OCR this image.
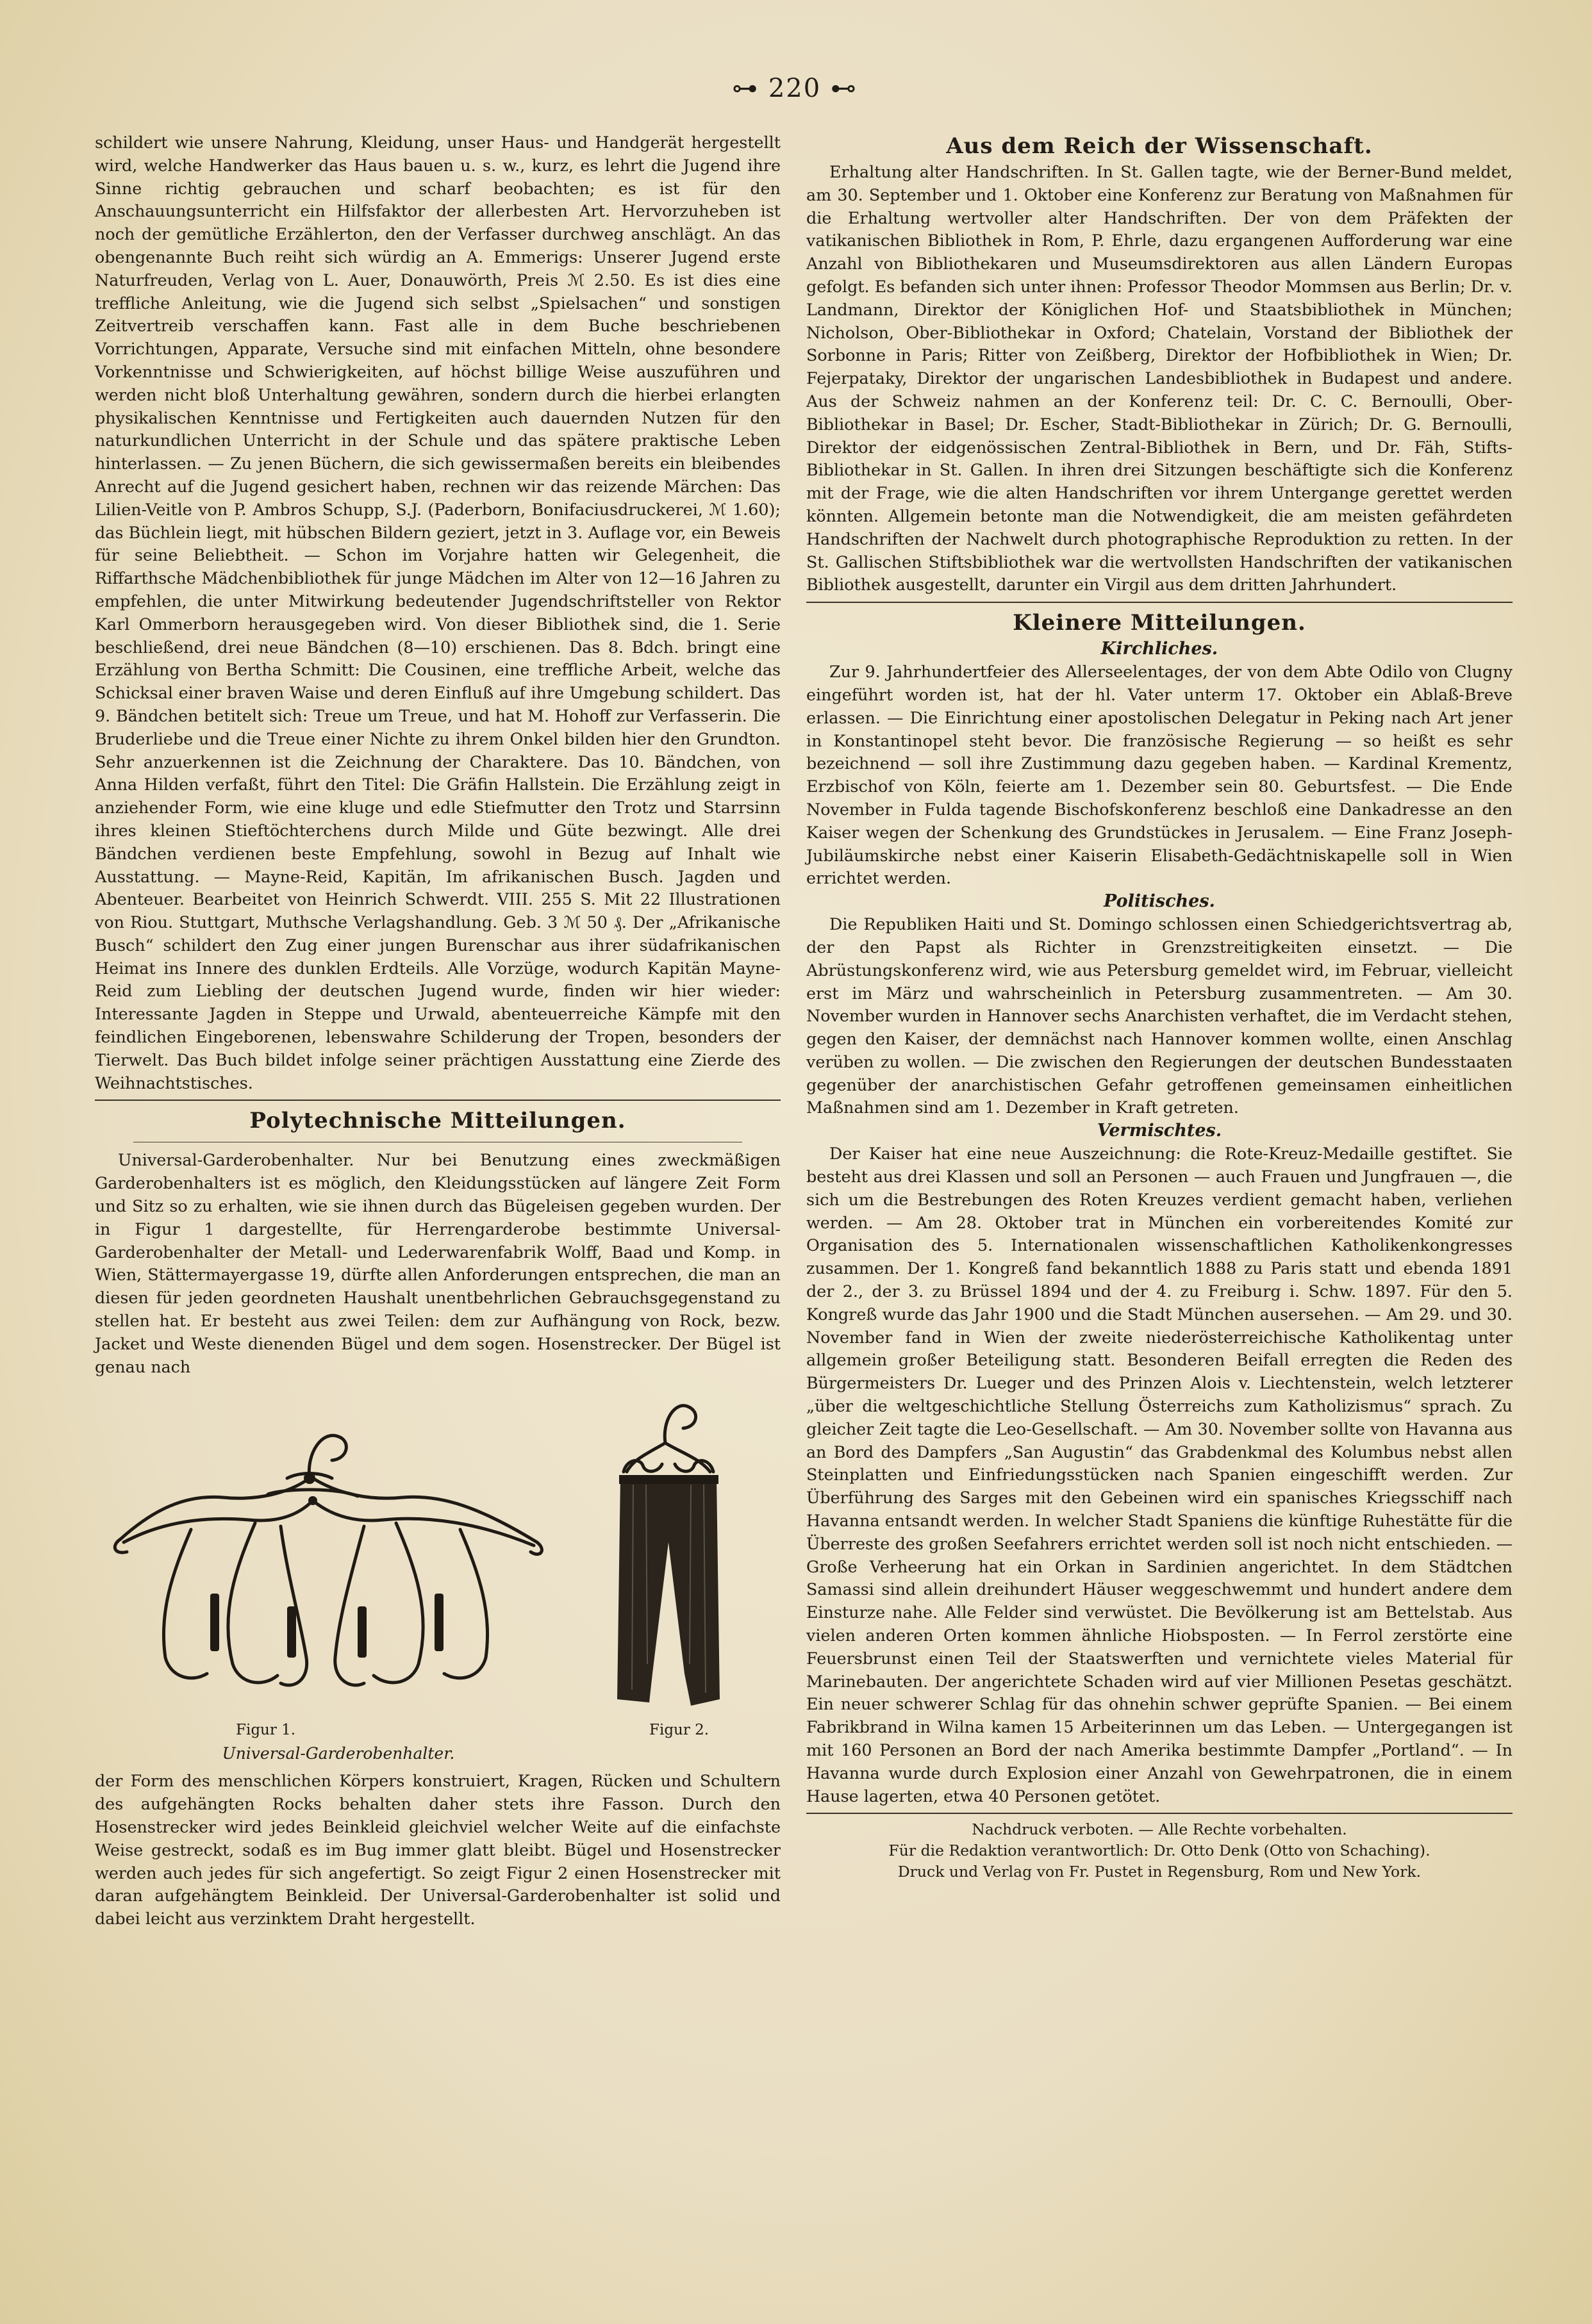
⊶ 220 ⊷

schildert wie unsere Nahrung, Kleidung, unser Haus- und Handgerät hergestellt wird, welche Handwerker das Haus bauen u. s. w., kurz, es lehrt die Jugend ihre Sinne richtig gebrauchen und scharf beobachten; es ist für den Anschauungsunterricht ein Hilfsfaktor der allerbesten Art. Hervorzuheben ist noch der gemütliche Erzählerton, den der Verfasser durchweg anschlägt. An das obengenannte Buch reiht sich würdig an A. Emmerigs: Unserer Jugend erste Naturfreuden, Verlag von L. Auer, Donauwörth, Preis ℳ 2.50. Es ist dies eine treffliche Anleitung, wie die Jugend sich selbst „Spielsachen“ und sonstigen Zeitvertreib verschaffen kann. Fast alle in dem Buche beschriebenen Vorrichtungen, Apparate, Versuche sind mit einfachen Mitteln, ohne besondere Vorkenntnisse und Schwierigkeiten, auf höchst billige Weise auszuführen und werden nicht bloß Unterhaltung gewähren, sondern durch die hierbei erlangten physikalischen Kenntnisse und Fertigkeiten auch dauernden Nutzen für den naturkundlichen Unterricht in der Schule und das spätere praktische Leben hinterlassen. — Zu jenen Büchern, die sich gewissermaßen bereits ein bleibendes Anrecht auf die Jugend gesichert haben, rechnen wir das reizende Märchen: Das Lilien-Veitle von P. Ambros Schupp, S.J. (Paderborn, Bonifaciusdruckerei, ℳ 1.60); das Büchlein liegt, mit hübschen Bildern geziert, jetzt in 3. Auflage vor, ein Beweis für seine Beliebtheit. — Schon im Vorjahre hatten wir Gelegenheit, die Riffarthsche Mädchenbibliothek für junge Mädchen im Alter von 12—16 Jahren zu empfehlen, die unter Mitwirkung bedeutender Jugendschriftsteller von Rektor Karl Ommerborn herausgegeben wird. Von dieser Bibliothek sind, die 1. Serie beschließend, drei neue Bändchen (8—10) erschienen. Das 8. Bdch. bringt eine Erzählung von Bertha Schmitt: Die Cousinen, eine treffliche Arbeit, welche das Schicksal einer braven Waise und deren Einfluß auf ihre Umgebung schildert. Das 9. Bändchen betitelt sich: Treue um Treue, und hat M. Hohoff zur Verfasserin. Die Bruderliebe und die Treue einer Nichte zu ihrem Onkel bilden hier den Grundton. Sehr anzuerkennen ist die Zeichnung der Charaktere. Das 10. Bändchen, von Anna Hilden verfaßt, führt den Titel: Die Gräfin Hallstein. Die Erzählung zeigt in anziehender Form, wie eine kluge und edle Stiefmutter den Trotz und Starrsinn ihres kleinen Stieftöchterchens durch Milde und Güte bezwingt. Alle drei Bändchen verdienen beste Empfehlung, sowohl in Bezug auf Inhalt wie Ausstattung. — Mayne-Reid, Kapitän, Im afrikanischen Busch. Jagden und Abenteuer. Bearbeitet von Heinrich Schwerdt. VIII. 255 S. Mit 22 Illustrationen von Riou. Stuttgart, Muthsche Verlagshandlung. Geb. 3 ℳ 50 ₰. Der „Afrikanische Busch“ schildert den Zug einer jungen Burenschar aus ihrer südafrikanischen Heimat ins Innere des dunklen Erdteils. Alle Vorzüge, wodurch Kapitän Mayne-Reid zum Liebling der deutschen Jugend wurde, finden wir hier wieder: Interessante Jagden in Steppe und Urwald, abenteuerreiche Kämpfe mit den feindlichen Eingeborenen, lebenswahre Schilderung der Tropen, besonders der Tierwelt. Das Buch bildet infolge seiner prächtigen Ausstattung eine Zierde des Weihnachtstisches.

Polytechnische Mitteilungen.

Universal-Garderobenhalter. Nur bei Benutzung eines zweckmäßigen Garderobenhalters ist es möglich, den Kleidungsstücken auf längere Zeit Form und Sitz so zu erhalten, wie sie ihnen durch das Bügeleisen gegeben wurden. Der in Figur 1 dargestellte, für Herrengarderobe bestimmte Universal-Garderobenhalter der Metall- und Lederwarenfabrik Wolff, Baad und Komp. in Wien, Stättermayergasse 19, dürfte allen Anforderungen entsprechen, die man an diesen für jeden geordneten Haushalt unentbehrlichen Gebrauchsgegenstand zu stellen hat. Er besteht aus zwei Teilen: dem zur Aufhängung von Rock, bezw. Jacket und Weste dienenden Bügel und dem sogen. Hosenstrecker. Der Bügel ist genau nach

Figur 1.	Figur 2.
Universal-Garderobenhalter.

der Form des menschlichen Körpers konstruiert, Kragen, Rücken und Schultern des aufgehängten Rocks behalten daher stets ihre Fasson. Durch den Hosenstrecker wird jedes Beinkleid gleichviel welcher Weite auf die einfachste Weise gestreckt, sodaß es im Bug immer glatt bleibt. Bügel und Hosenstrecker werden auch jedes für sich angefertigt. So zeigt Figur 2 einen Hosenstrecker mit daran aufgehängtem Beinkleid. Der Universal-Garderobenhalter ist solid und dabei leicht aus verzinktem Draht hergestellt.

Aus dem Reich der Wissenschaft.

Erhaltung alter Handschriften. In St. Gallen tagte, wie der Berner-Bund meldet, am 30. September und 1. Oktober eine Konferenz zur Beratung von Maßnahmen für die Erhaltung wertvoller alter Handschriften. Der von dem Präfekten der vatikanischen Bibliothek in Rom, P. Ehrle, dazu ergangenen Aufforderung war eine Anzahl von Bibliothekaren und Museumsdirektoren aus allen Ländern Europas gefolgt. Es befanden sich unter ihnen: Professor Theodor Mommsen aus Berlin; Dr. v. Landmann, Direktor der Königlichen Hof- und Staatsbibliothek in München; Nicholson, Ober-Bibliothekar in Oxford; Chatelain, Vorstand der Bibliothek der Sorbonne in Paris; Ritter von Zeißberg, Direktor der Hofbibliothek in Wien; Dr. Fejerpataky, Direktor der ungarischen Landesbibliothek in Budapest und andere. Aus der Schweiz nahmen an der Konferenz teil: Dr. C. C. Bernoulli, Ober-Bibliothekar in Basel; Dr. Escher, Stadt-Bibliothekar in Zürich; Dr. G. Bernoulli, Direktor der eidgenössischen Zentral-Bibliothek in Bern, und Dr. Fäh, Stifts-Bibliothekar in St. Gallen. In ihren drei Sitzungen beschäftigte sich die Konferenz mit der Frage, wie die alten Handschriften vor ihrem Untergange gerettet werden könnten. Allgemein betonte man die Notwendigkeit, die am meisten gefährdeten Handschriften der Nachwelt durch photographische Reproduktion zu retten. In der St. Gallischen Stiftsbibliothek war die wertvollsten Handschriften der vatikanischen Bibliothek ausgestellt, darunter ein Virgil aus dem dritten Jahrhundert.

Kleinere Mitteilungen.
Kirchliches.

Zur 9. Jahrhundertfeier des Allerseelentages, der von dem Abte Odilo von Clugny eingeführt worden ist, hat der hl. Vater unterm 17. Oktober ein Ablaß-Breve erlassen. — Die Einrichtung einer apostolischen Delegatur in Peking nach Art jener in Konstantinopel steht bevor. Die französische Regierung — so heißt es sehr bezeichnend — soll ihre Zustimmung dazu gegeben haben. — Kardinal Krementz, Erzbischof von Köln, feierte am 1. Dezember sein 80. Geburtsfest. — Die Ende November in Fulda tagende Bischofskonferenz beschloß eine Dankadresse an den Kaiser wegen der Schenkung des Grundstückes in Jerusalem. — Eine Franz Joseph-Jubiläumskirche nebst einer Kaiserin Elisabeth-Gedächtniskapelle soll in Wien errichtet werden.

Politisches.

Die Republiken Haiti und St. Domingo schlossen einen Schiedgerichtsvertrag ab, der den Papst als Richter in Grenzstreitigkeiten einsetzt. — Die Abrüstungskonferenz wird, wie aus Petersburg gemeldet wird, im Februar, vielleicht erst im März und wahrscheinlich in Petersburg zusammentreten. — Am 30. November wurden in Hannover sechs Anarchisten verhaftet, die im Verdacht stehen, gegen den Kaiser, der demnächst nach Hannover kommen wollte, einen Anschlag verüben zu wollen. — Die zwischen den Regierungen der deutschen Bundesstaaten gegenüber der anarchistischen Gefahr getroffenen gemeinsamen einheitlichen Maßnahmen sind am 1. Dezember in Kraft getreten.

Vermischtes.

Der Kaiser hat eine neue Auszeichnung: die Rote-Kreuz-Medaille gestiftet. Sie besteht aus drei Klassen und soll an Personen — auch Frauen und Jungfrauen —, die sich um die Bestrebungen des Roten Kreuzes verdient gemacht haben, verliehen werden. — Am 28. Oktober trat in München ein vorbereitendes Komité zur Organisation des 5. Internationalen wissenschaftlichen Katholikenkongresses zusammen. Der 1. Kongreß fand bekanntlich 1888 zu Paris statt und ebenda 1891 der 2., der 3. zu Brüssel 1894 und der 4. zu Freiburg i. Schw. 1897. Für den 5. Kongreß wurde das Jahr 1900 und die Stadt München ausersehen. — Am 29. und 30. November fand in Wien der zweite niederösterreichische Katholikentag unter allgemein großer Beteiligung statt. Besonderen Beifall erregten die Reden des Bürgermeisters Dr. Lueger und des Prinzen Alois v. Liechtenstein, welch letzterer „über die weltgeschichtliche Stellung Österreichs zum Katholizismus“ sprach. Zu gleicher Zeit tagte die Leo-Gesellschaft. — Am 30. November sollte von Havanna aus an Bord des Dampfers „San Augustin“ das Grabdenkmal des Kolumbus nebst allen Steinplatten und Einfriedungsstücken nach Spanien eingeschifft werden. Zur Überführung des Sarges mit den Gebeinen wird ein spanisches Kriegsschiff nach Havanna entsandt werden. In welcher Stadt Spaniens die künftige Ruhestätte für die Überreste des großen Seefahrers errichtet werden soll ist noch nicht entschieden. — Große Verheerung hat ein Orkan in Sardinien angerichtet. In dem Städtchen Samassi sind allein dreihundert Häuser weggeschwemmt und hundert andere dem Einsturze nahe. Alle Felder sind verwüstet. Die Bevölkerung ist am Bettelstab. Aus vielen anderen Orten kommen ähnliche Hiobsposten. — In Ferrol zerstörte eine Feuersbrunst einen Teil der Staatswerften und vernichtete vieles Material für Marinebauten. Der angerichtete Schaden wird auf vier Millionen Pesetas geschätzt. Ein neuer schwerer Schlag für das ohnehin schwer geprüfte Spanien. — Bei einem Fabrikbrand in Wilna kamen 15 Arbeiterinnen um das Leben. — Untergegangen ist mit 160 Personen an Bord der nach Amerika bestimmte Dampfer „Portland“. — In Havanna wurde durch Explosion einer Anzahl von Gewehrpatronen, die in einem Hause lagerten, etwa 40 Personen getötet.

Nachdruck verboten. — Alle Rechte vorbehalten.

Für die Redaktion verantwortlich: Dr. Otto Denk (Otto von Schaching).

Druck und Verlag von Fr. Pustet in Regensburg, Rom und New York.
